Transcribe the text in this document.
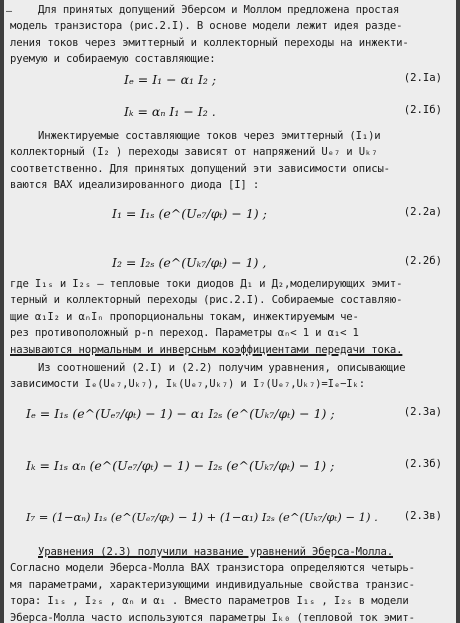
–	Для принятых допущений Эберсом и Моллом предложена простая
модель транзистора (рис.2.I). В основе модели лежит идея разде-
ления токов через эмиттерный и коллекторный переходы на инжекти-
руемую и собираемую составляющие:
Iₑ = I₁ − α₁ I₂ ;	(2.Iа)
Iₖ = αₙ I₁ − I₂ .	(2.Iб)
Инжектируемые составляющие токов через эмиттерный (I₁)и
коллекторный (I₂ ) переходы зависят от напряжений Uₑ₇ и Uₖ₇
соответственно. Для принятых допущений эти зависимости описы-
ваются ВАХ идеализированного диода [I] :
I₁ = I₁ₛ (e^(Uₑ₇/φₜ) − 1) ;	(2.2а)
I₂ = I₂ₛ (e^(Uₖ₇/φₜ) − 1) ,	(2.2б)
где I₁ₛ и I₂ₛ – тепловые токи диодов Д₁ и Д₂,моделирующих эмит-
терный и коллекторный переходы (рис.2.I). Собираемые составляю-
щие α₁I₂ и αₙIₙ пропорциональны токам, инжектируемым че-
рез противоположный p-n переход. Параметры αₙ< 1 и α₁< 1
называются нормальным и инверсным коэффициентами передачи тока.
Из соотношений (2.I) и (2.2) получим уравнения, описывающие
зависимости Iₑ(Uₑ₇,Uₖ₇), Iₖ(Uₑ₇,Uₖ₇) и I₇(Uₑ₇,Uₖ₇)=Iₑ−Iₖ:
Iₑ = I₁ₛ (e^(Uₑ₇/φₜ) − 1) − α₁ I₂ₛ (e^(Uₖ₇/φₜ) − 1) ;	(2.3а)
Iₖ = I₁ₛ αₙ (e^(Uₑ₇/φₜ) − 1) − I₂ₛ (e^(Uₖ₇/φₜ) − 1) ;	(2.3б)
I₇ = (1−αₙ) I₁ₛ (e^(Uₑ₇/φₜ) − 1) + (1−α₁) I₂ₛ (e^(Uₖ₇/φₜ) − 1) . (2.3в)
Уравнения (2.3) получили название уравнений Эберса-Молла.
Согласно модели Эберса-Молла ВАХ транзистора определяются четырь-
мя параметрами, характеризующими индивидуальные свойства транзис-
тора: I₁ₛ , I₂ₛ , αₙ и α₁ . Вместо параметров I₁ₛ , I₂ₛ в модели
Эберса-Молла часто используются параметры Iₖ₀ (тепловой ток эмит-
